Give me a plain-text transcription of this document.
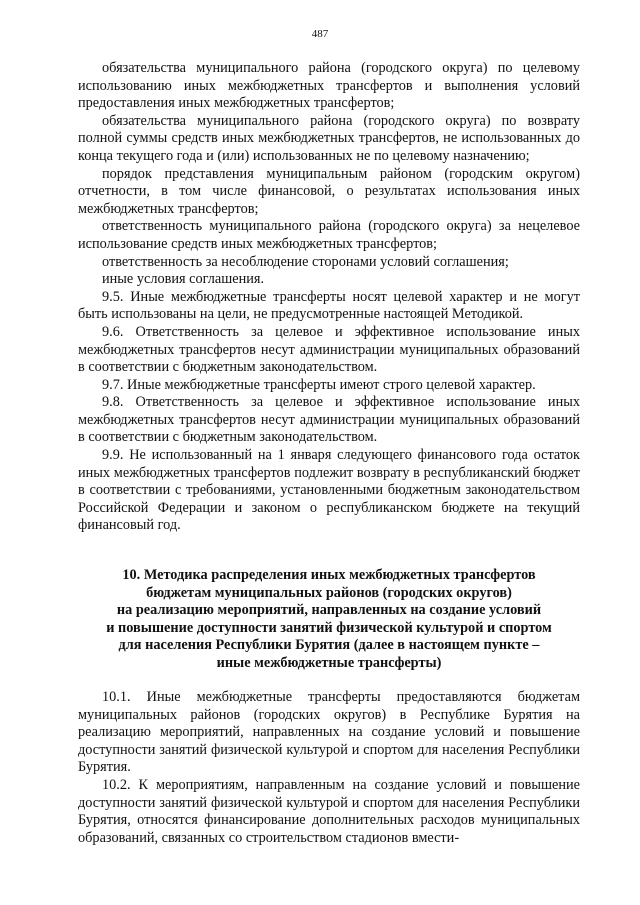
487

обязательства муниципального района (городского округа) по целевому использованию иных межбюджетных трансфертов и выполнения условий предоставления иных межбюджетных трансфертов;

обязательства муниципального района (городского округа) по возврату полной суммы средств иных межбюджетных трансфертов, не использованных до конца текущего года и (или) использованных не по целевому назначению;

порядок представления муниципальным районом (городским округом) отчетности, в том числе финансовой, о результатах использования иных межбюджетных трансфертов;

ответственность муниципального района (городского округа) за нецелевое использование средств иных межбюджетных трансфертов;

ответственность за несоблюдение сторонами условий соглашения;

иные условия соглашения.

9.5. Иные межбюджетные трансферты носят целевой характер и не могут быть использованы на цели, не предусмотренные настоящей Методикой.

9.6. Ответственность за целевое и эффективное использование иных межбюджетных трансфертов несут администрации муниципальных образований в соответствии с бюджетным законодательством.

9.7. Иные межбюджетные трансферты имеют строго целевой характер.

9.8. Ответственность за целевое и эффективное использование иных межбюджетных трансфертов несут администрации муниципальных образований в соответствии с бюджетным законодательством.

9.9. Не использованный на 1 января следующего финансового года остаток иных межбюджетных трансфертов подлежит возврату в республиканский бюджет в соответствии с требованиями, установленными бюджетным законодательством Российской Федерации и законом о республиканском бюджете на текущий финансовый год.

10. Методика распределения иных межбюджетных трансфертов
бюджетам муниципальных районов (городских округов)
на реализацию мероприятий, направленных на создание условий
и повышение доступности занятий физической культурой и спортом
для населения Республики Бурятия (далее в настоящем пункте –
иные межбюджетные трансферты)

10.1. Иные межбюджетные трансферты предоставляются бюджетам муниципальных районов (городских округов) в Республике Бурятия на реализацию мероприятий, направленных на создание условий и повышение доступности занятий физической культурой и спортом для населения Республики Бурятия.

10.2. К мероприятиям, направленным на создание условий и повышение доступности занятий физической культурой и спортом для населения Республики Бурятия, относятся финансирование дополнительных расходов муниципальных образований, связанных со строительством стадионов вмести-
